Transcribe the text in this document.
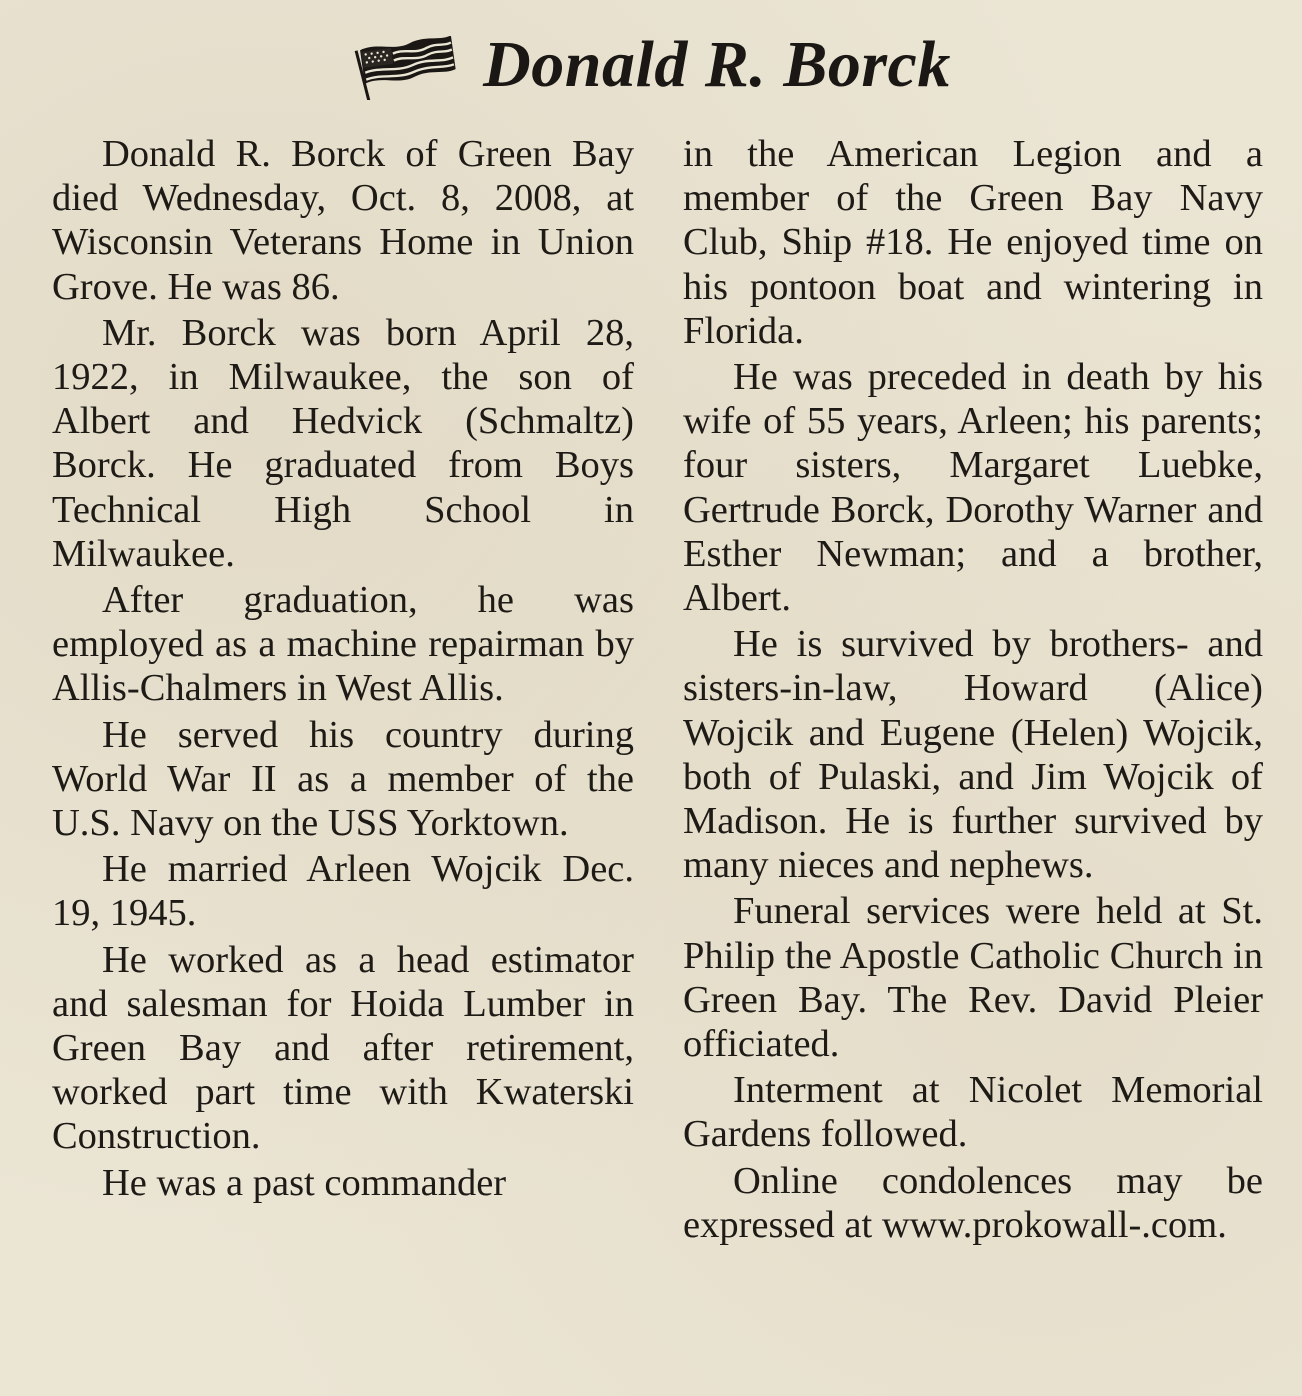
Donald R. Borck

Donald R. Borck of Green Bay died Wednesday, Oct. 8, 2008, at Wisconsin Veterans Home in Union Grove. He was 86.

Mr. Borck was born April 28, 1922, in Milwaukee, the son of Albert and Hedvick (Schmaltz) Borck. He graduated from Boys Technical High School in Milwaukee.

After graduation, he was employed as a machine repairman by Allis-Chalmers in West Allis.

He served his country during World War II as a member of the U.S. Navy on the USS Yorktown.

He married Arleen Wojcik Dec. 19, 1945.

He worked as a head estimator and salesman for Hoida Lumber in Green Bay and after retirement, worked part time with Kwaterski Construction.

He was a past commander

in the American Legion and a member of the Green Bay Navy Club, Ship #18. He enjoyed time on his pontoon boat and wintering in Florida.

He was preceded in death by his wife of 55 years, Arleen; his parents; four sisters, Margaret Luebke, Gertrude Borck, Dorothy Warner and Esther Newman; and a brother, Albert.

He is survived by brothers- and sisters-in-law, Howard (Alice) Wojcik and Eugene (Helen) Wojcik, both of Pulaski, and Jim Wojcik of Madison. He is further survived by many nieces and nephews.

Funeral services were held at St. Philip the Apostle Catholic Church in Green Bay. The Rev. David Pleier officiated.

Interment at Nicolet Memorial Gardens followed.

Online condolences may be expressed at www.prokowall-.com.
